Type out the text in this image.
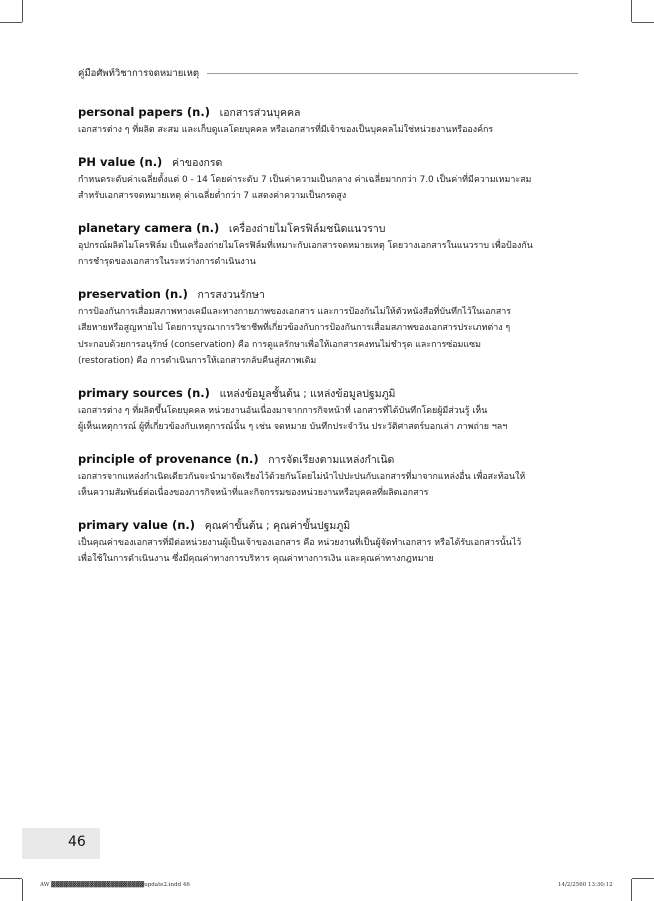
คู่มือศัพท์วิชาการจดหมายเหตุ
personal papers (n.) เอกสารส่วนบุคคล
เอกสารต่าง ๆ ที่ผลิต สะสม และเก็บดูแลโดยบุคคล หรือเอกสารที่มีเจ้าของเป็นบุคคลไม่ใช่หน่วยงานหรือองค์กร
PH value (n.) ค่าของกรด
กำหนดระดับค่าเฉลี่ยตั้งแต่ 0 - 14 โดยค่าระดับ 7 เป็นค่าความเป็นกลาง ค่าเฉลี่ยมากกว่า 7.0 เป็นค่าที่มีความเหมาะสม
สำหรับเอกสารจดหมายเหตุ ค่าเฉลี่ยต่ำกว่า 7 แสดงค่าความเป็นกรดสูง
planetary camera (n.) เครื่องถ่ายไมโครฟิล์มชนิดแนวราบ
อุปกรณ์ผลิตไมโครฟิล์ม เป็นเครื่องถ่ายไมโครฟิล์มที่เหมาะกับเอกสารจดหมายเหตุ โดยวางเอกสารในแนวราบ เพื่อป้องกัน
การชำรุดของเอกสารในระหว่างการดำเนินงาน
preservation (n.) การสงวนรักษา
การป้องกันการเสื่อมสภาพทางเคมีและทางกายภาพของเอกสาร และการป้องกันไม่ให้ตัวหนังสือที่บันทึกไว้ในเอกสาร
เสียหายหรือสูญหายไป โดยการบูรณาการวิชาชีพที่เกี่ยวข้องกับการป้องกันการเสื่อมสภาพของเอกสารประเภทต่าง ๆ
ประกอบด้วยการอนุรักษ์ (conservation) คือ การดูแลรักษาเพื่อให้เอกสารคงทนไม่ชำรุด และการซ่อมแซม
(restoration) คือ การดำเนินการให้เอกสารกลับคืนสู่สภาพเดิม
primary sources (n.) แหล่งข้อมูลชั้นต้น ; แหล่งข้อมูลปฐมภูมิ
เอกสารต่าง ๆ ที่ผลิตขึ้นโดยบุคคล หน่วยงานอันเนื่องมาจากการกิจหน้าที่ เอกสารที่ได้บันทึกโดยผู้มีส่วนรู้ เห็น
ผู้เห็นเหตุการณ์ ผู้ที่เกี่ยวข้องกับเหตุการณ์นั้น ๆ เช่น จดหมาย บันทึกประจำวัน ประวัติศาสตร์บอกเล่า ภาพถ่าย ฯลฯ
principle of provenance (n.) การจัดเรียงตามแหล่งกำเนิด
เอกสารจากแหล่งกำเนิดเดียวกันจะนำมาจัดเรียงไว้ด้วยกันโดยไม่นำไปปะปนกับเอกสารที่มาจากแหล่งอื่น เพื่อสะท้อนให้
เห็นความสัมพันธ์ต่อเนื่องของภารกิจหน้าที่และกิจกรรมของหน่วยงานหรือบุคคลที่ผลิตเอกสาร
primary value (n.) คุณค่าขั้นต้น ; คุณค่าขั้นปฐมภูมิ
เป็นคุณค่าของเอกสารที่มีต่อหน่วยงานผู้เป็นเจ้าของเอกสาร คือ หน่วยงานที่เป็นผู้จัดทำเอกสาร หรือได้รับเอกสารนั้นไว้
เพื่อใช้ในการดำเนินงาน ซึ่งมีคุณค่าทางการบริหาร คุณค่าทางการเงิน และคุณค่าทางกฎหมาย
46
AW ▓▓▓▓▓▓▓▓▓▓▓▓▓▓▓▓▓▓▓▓▓▓update2.indd 46	14/2/2560 13:30:12
